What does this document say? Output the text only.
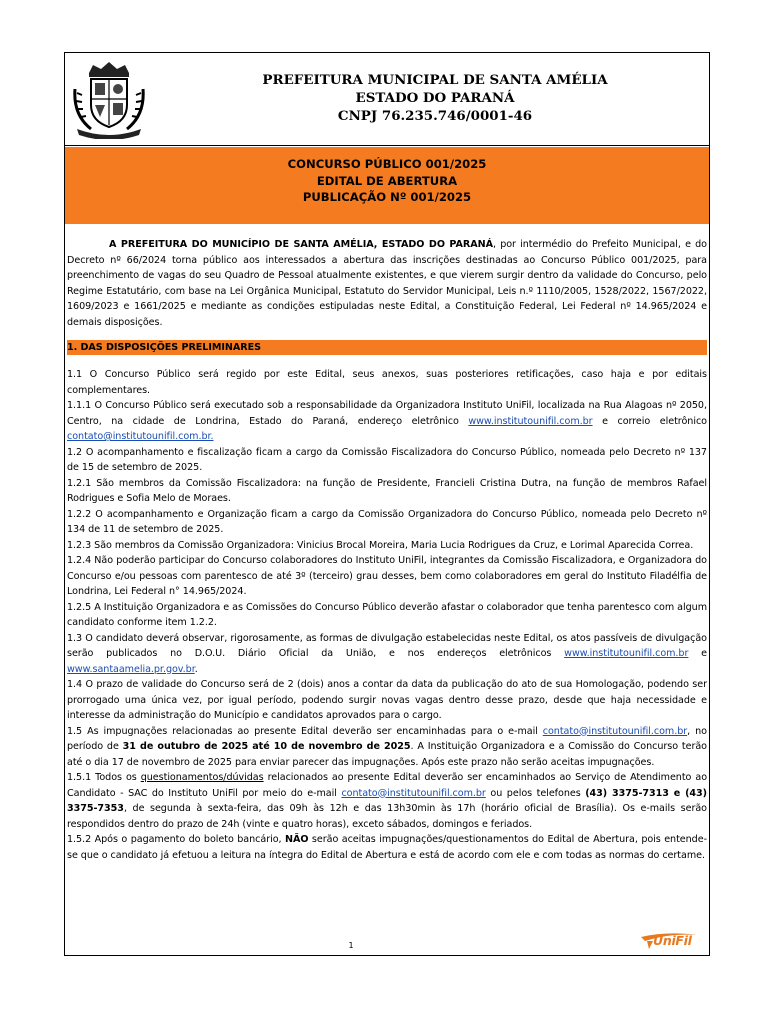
PREFEITURA MUNICIPAL DE SANTA AMÉLIA
ESTADO DO PARANÁ
CNPJ 76.235.746/0001-46
CONCURSO PÚBLICO 001/2025
EDITAL DE ABERTURA
PUBLICAÇÃO Nº 001/2025

A PREFEITURA DO MUNICÍPIO DE SANTA AMÉLIA, ESTADO DO PARANÁ, por intermédio do Prefeito Municipal, e do Decreto nº 66/2024 torna público aos interessados a abertura das inscrições destinadas ao Concurso Público 001/2025, para preenchimento de vagas do seu Quadro de Pessoal atualmente existentes, e que vierem surgir dentro da validade do Concurso, pelo Regime Estatutário, com base na Lei Orgânica Municipal, Estatuto do Servidor Municipal, Leis n.º 1110/2005, 1528/2022, 1567/2022, 1609/2023 e 1661/2025 e mediante as condições estipuladas neste Edital, a Constituição Federal, Lei Federal nº 14.965/2024 e demais disposições.

1. DAS DISPOSIÇÕES PRELIMINARES

1.1 O Concurso Público será regido por este Edital, seus anexos, suas posteriores retificações, caso haja e por editais complementares.

1.1.1 O Concurso Público será executado sob a responsabilidade da Organizadora Instituto UniFil, localizada na Rua Alagoas nº 2050, Centro, na cidade de Londrina, Estado do Paraná, endereço eletrônico www.institutounifil.com.br e correio eletrônico contato@institutounifil.com.br.

1.2 O acompanhamento e fiscalização ficam a cargo da Comissão Fiscalizadora do Concurso Público, nomeada pelo Decreto nº 137 de 15 de setembro de 2025.

1.2.1 São membros da Comissão Fiscalizadora: na função de Presidente, Francieli Cristina Dutra, na função de membros Rafael Rodrigues e Sofia Melo de Moraes.

1.2.2 O acompanhamento e Organização ficam a cargo da Comissão Organizadora do Concurso Público, nomeada pelo Decreto nº 134 de 11 de setembro de 2025.

1.2.3 São membros da Comissão Organizadora: Vinicius Brocal Moreira, Maria Lucia Rodrigues da Cruz, e Lorimal Aparecida Correa.

1.2.4 Não poderão participar do Concurso colaboradores do Instituto UniFil, integrantes da Comissão Fiscalizadora, e Organizadora do Concurso e/ou pessoas com parentesco de até 3º (terceiro) grau desses, bem como colaboradores em geral do Instituto Filadélfia de Londrina, Lei Federal n° 14.965/2024.

1.2.5 A Instituição Organizadora e as Comissões do Concurso Público deverão afastar o colaborador que tenha parentesco com algum candidato conforme item 1.2.2.

1.3 O candidato deverá observar, rigorosamente, as formas de divulgação estabelecidas neste Edital, os atos passíveis de divulgação serão publicados no D.O.U. Diário Oficial da União, e nos endereços eletrônicos www.institutounifil.com.br e www.santaamelia.pr.gov.br.

1.4 O prazo de validade do Concurso será de 2 (dois) anos a contar da data da publicação do ato de sua Homologação, podendo ser prorrogado uma única vez, por igual período, podendo surgir novas vagas dentro desse prazo, desde que haja necessidade e interesse da administração do Município e candidatos aprovados para o cargo.

1.5 As impugnações relacionadas ao presente Edital deverão ser encaminhadas para o e-mail contato@institutounifil.com.br, no período de 31 de outubro de 2025 até 10 de novembro de 2025. A Instituição Organizadora e a Comissão do Concurso terão até o dia 17 de novembro de 2025 para enviar parecer das impugnações. Após este prazo não serão aceitas impugnações.

1.5.1 Todos os questionamentos/dúvidas relacionados ao presente Edital deverão ser encaminhados ao Serviço de Atendimento ao Candidato - SAC do Instituto UniFil por meio do e-mail contato@institutounifil.com.br ou pelos telefones (43) 3375-7313 e (43) 3375-7353, de segunda à sexta-feira, das 09h às 12h e das 13h30min às 17h (horário oficial de Brasília). Os e-mails serão respondidos dentro do prazo de 24h (vinte e quatro horas), exceto sábados, domingos e feriados.

1.5.2 Após o pagamento do boleto bancário, NÃO serão aceitas impugnações/questionamentos do Edital de Abertura, pois entende-se que o candidato já efetuou a leitura na íntegra do Edital de Abertura e está de acordo com ele e com todas as normas do certame.

1	UniFil
